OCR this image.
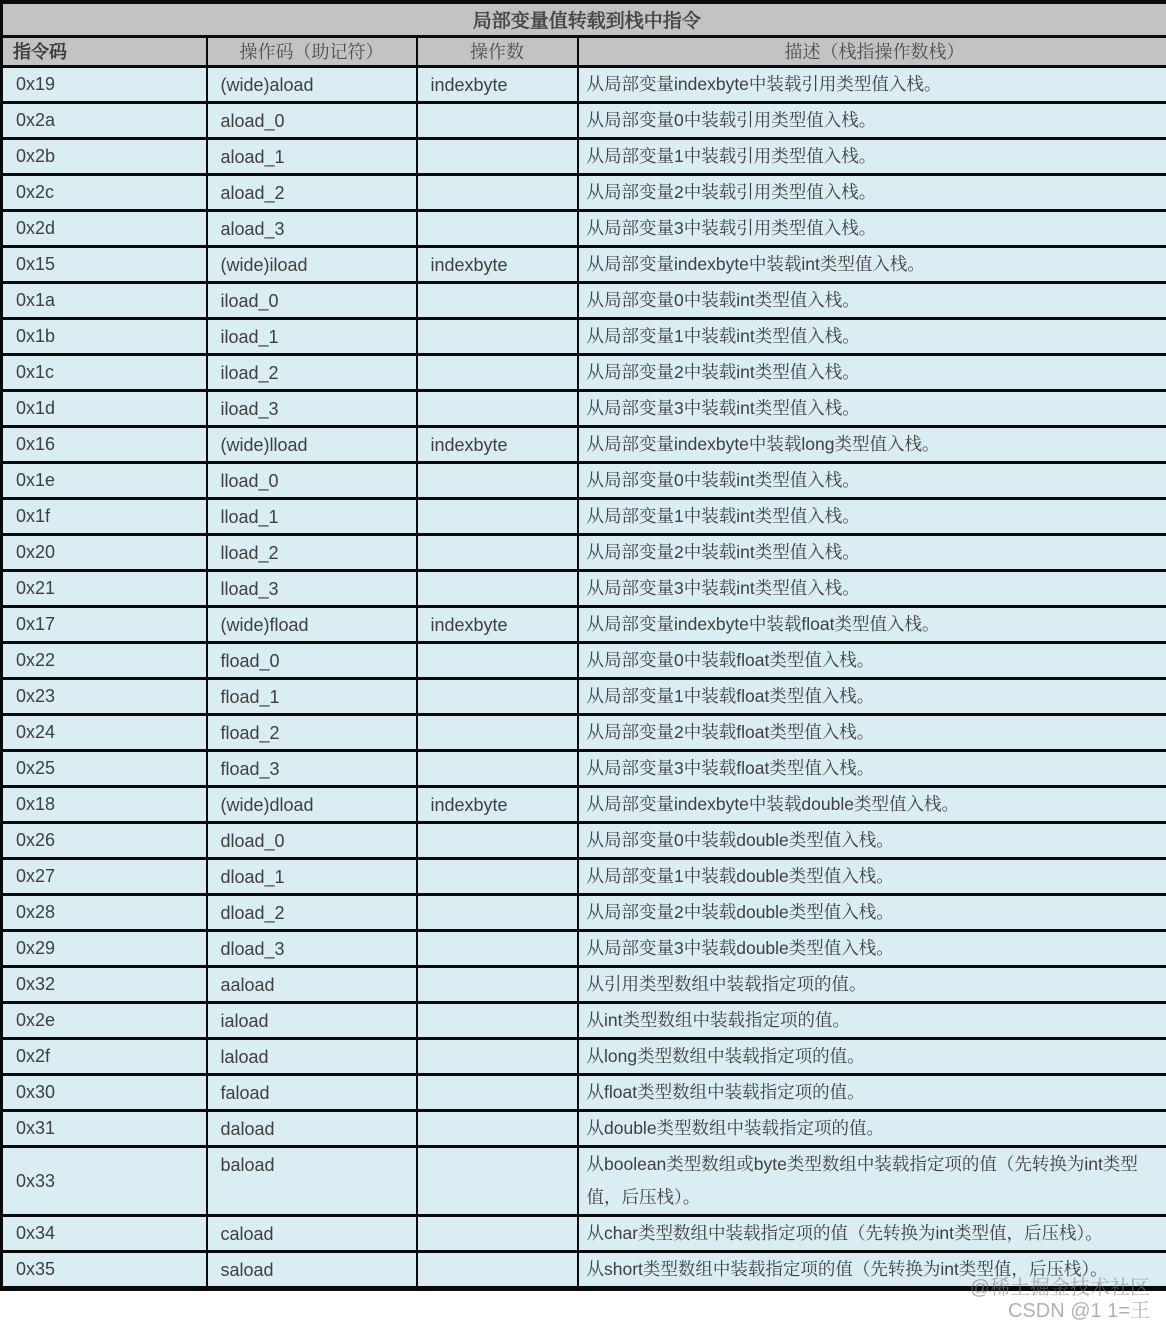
局部变量值转载到栈中指令			
指令码	操作码（助记符）	操作数	描述（栈指操作数栈）
0x19	(wide)aload	indexbyte	从局部变量indexbyte中装载引用类型值入栈。
0x2a	aload_0		从局部变量0中装载引用类型值入栈。
0x2b	aload_1		从局部变量1中装载引用类型值入栈。
0x2c	aload_2		从局部变量2中装载引用类型值入栈。
0x2d	aload_3		从局部变量3中装载引用类型值入栈。
0x15	(wide)iload	indexbyte	从局部变量indexbyte中装载int类型值入栈。
0x1a	iload_0		从局部变量0中装载int类型值入栈。
0x1b	iload_1		从局部变量1中装载int类型值入栈。
0x1c	iload_2		从局部变量2中装载int类型值入栈。
0x1d	iload_3		从局部变量3中装载int类型值入栈。
0x16	(wide)lload	indexbyte	从局部变量indexbyte中装载long类型值入栈。
0x1e	lload_0		从局部变量0中装载int类型值入栈。
0x1f	lload_1		从局部变量1中装载int类型值入栈。
0x20	lload_2		从局部变量2中装载int类型值入栈。
0x21	lload_3		从局部变量3中装载int类型值入栈。
0x17	(wide)fload	indexbyte	从局部变量indexbyte中装载float类型值入栈。
0x22	fload_0		从局部变量0中装载float类型值入栈。
0x23	fload_1		从局部变量1中装载float类型值入栈。
0x24	fload_2		从局部变量2中装载float类型值入栈。
0x25	fload_3		从局部变量3中装载float类型值入栈。
0x18	(wide)dload	indexbyte	从局部变量indexbyte中装载double类型值入栈。
0x26	dload_0		从局部变量0中装载double类型值入栈。
0x27	dload_1		从局部变量1中装载double类型值入栈。
0x28	dload_2		从局部变量2中装载double类型值入栈。
0x29	dload_3		从局部变量3中装载double类型值入栈。
0x32	aaload		从引用类型数组中装载指定项的值。
0x2e	iaload		从int类型数组中装载指定项的值。
0x2f	laload		从long类型数组中装载指定项的值。
0x30	faload		从float类型数组中装载指定项的值。
0x31	daload		从double类型数组中装载指定项的值。
0x33	baload		从boolean类型数组或byte类型数组中装载指定项的值（先转换为int类型值，后压栈）。
0x34	caload		从char类型数组中装载指定项的值（先转换为int类型值，后压栈）。
0x35	saload		从short类型数组中装载指定项的值（先转换为int类型值，后压栈）。
@稀土掘金技术社区
CSDN @1 1=王
